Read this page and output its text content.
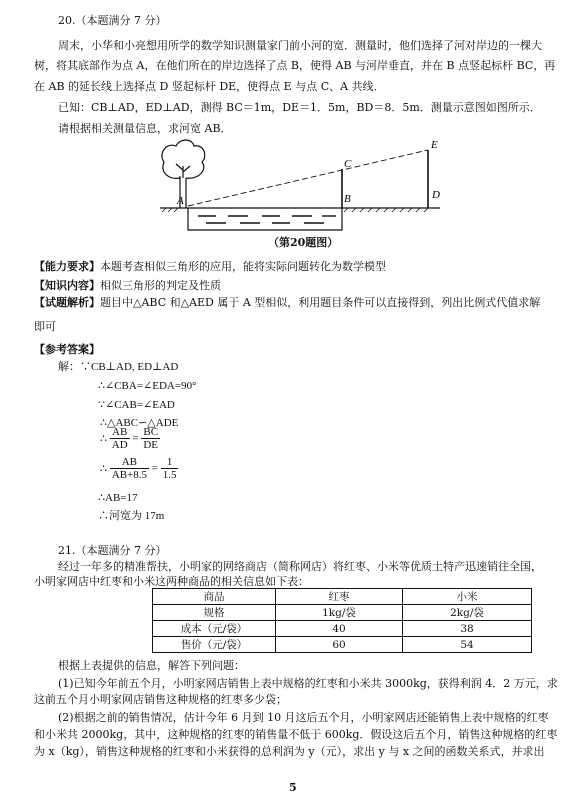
20.（本题满分 7 分）
周末，小华和小亮想用所学的数学知识测量家门前小河的宽．测量时，他们选择了河对岸边的一棵大
树，将其底部作为点 A，在他们所在的岸边选择了点 B，使得 AB 与河岸垂直，并在 B 点竖起标杆 BC，再
在 AB 的延长线上选择点 D 竖起标杆 DE，使得点 E 与点 C、A 共线．
已知：CB⊥AD，ED⊥AD，测得 BC＝1m，DE＝1．5m，BD＝8．5m．测量示意图如图所示．
请根据相关测量信息，求河宽 AB．
A	B
C
D
E
（第20题图）
【能力要求】本题考查相似三角形的应用，能将实际问题转化为数学模型
【知识内容】相似三角形的判定及性质
【试题解析】题目中△ABC 和△AED 属于 A 型相似，利用题目条件可以直接得到，列出比例式代值求解
即可
【参考答案】
解：∵CB⊥AD, ED⊥AD
∴∠CBA=∠EDA=90°
∵∠CAB=∠EAD
∴△ABC∽△ADE
∴ $\frac{AB}{AD} = \frac{BC}{DE}$
∴ $\frac{AB}{AB+8.5} = \frac{1}{1.5}$
∴AB=17
∴河宽为 17m
21.（本题满分 7 分）
经过一年多的精准帮扶，小明家的网络商店（简称网店）将红枣、小米等优质土特产迅速销往全国，
小明家网店中红枣和小米这两种商品的相关信息如下表：
商品	红枣	小米
规格	1kg/袋	2kg/袋
成本（元/袋）	40	38
售价（元/袋）	60	54
根据上表提供的信息，解答下列问题：
(1)已知今年前五个月，小明家网店销售上表中规格的红枣和小米共 3000kg，获得利润 4．2 万元，求
这前五个月小明家网店销售这种规格的红枣多少袋；
(2)根据之前的销售情况，估计今年 6 月到 10 月这后五个月，小明家网店还能销售上表中规格的红枣
和小米共 2000kg，其中，这种规格的红枣的销售量不低于 600kg．假设这后五个月，销售这种规格的红枣
为 x（kg），销售这种规格的红枣和小米获得的总利润为 y（元），求出 y 与 x 之间的函数关系式，并求出
5
